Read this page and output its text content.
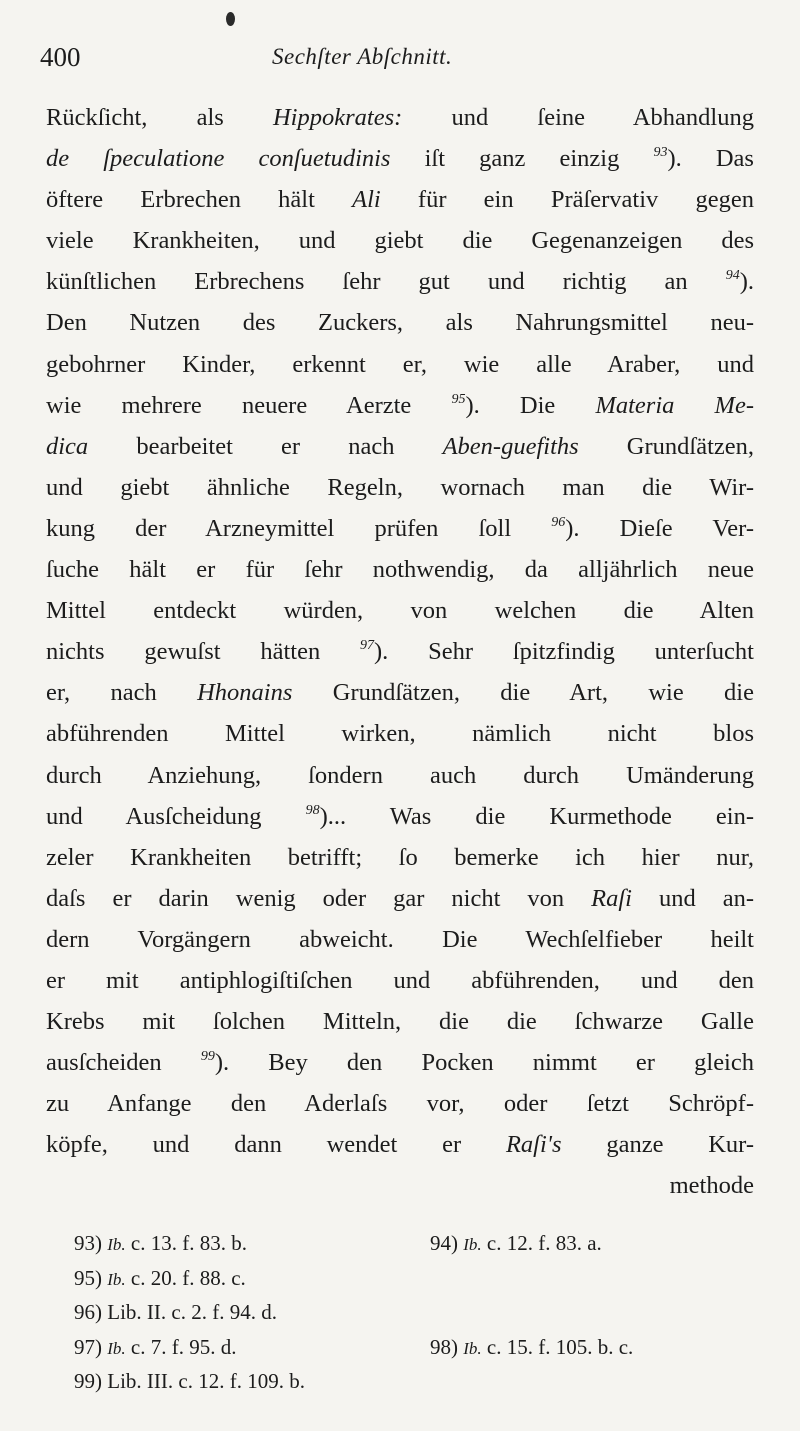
400	Sechſter Abſchnitt.
Rückſicht, als Hippokrates: und ſeine Abhandlung
de ſpeculatione conſuetudinis iſt ganz einzig $^{93}$). Das
öftere Erbrechen hält Ali für ein Präſervativ gegen
viele Krankheiten, und giebt die Gegenanzeigen des
künſtlichen Erbrechens ſehr gut und richtig an $^{94}$).
Den Nutzen des Zuckers, als Nahrungsmittel neu-
gebohrner Kinder, erkennt er, wie alle Araber, und
wie mehrere neuere Aerzte $^{95}$). Die Materia Me-
dica bearbeitet er nach Aben-guefiths Grundſätzen,
und giebt ähnliche Regeln, wornach man die Wir-
kung der Arzneymittel prüfen ſoll $^{96}$). Dieſe Ver-
ſuche hält er für ſehr nothwendig, da alljährlich neue
Mittel entdeckt würden, von welchen die Alten
nichts gewuſst hätten $^{97}$). Sehr ſpitzfindig unterſucht
er, nach Hhonains Grundſätzen, die Art, wie die
abführenden Mittel wirken, nämlich nicht blos
durch Anziehung, ſondern auch durch Umänderung
und Ausſcheidung $^{98}$)... Was die Kurmethode ein-
zeler Krankheiten betrifft; ſo bemerke ich hier nur,
daſs er darin wenig oder gar nicht von Raſi und an-
dern Vorgängern abweicht. Die Wechſelfieber heilt
er mit antiphlogiſtiſchen und abführenden, und den
Krebs mit ſolchen Mitteln, die die ſchwarze Galle
ausſcheiden $^{99}$). Bey den Pocken nimmt er gleich
zu Anfange den Aderlaſs vor, oder ſetzt Schröpf-
köpfe, und dann wendet er Raſi's ganze Kur-
methode
93) Ib. c. 13. f. 83. b.	94) Ib. c. 12. f. 83. a.
95) Ib. c. 20. f. 88. c.
96) Lib. II. c. 2. f. 94. d.
97) Ib. c. 7. f. 95. d.	98) Ib. c. 15. f. 105. b. c.
99) Lib. III. c. 12. f. 109. b.
